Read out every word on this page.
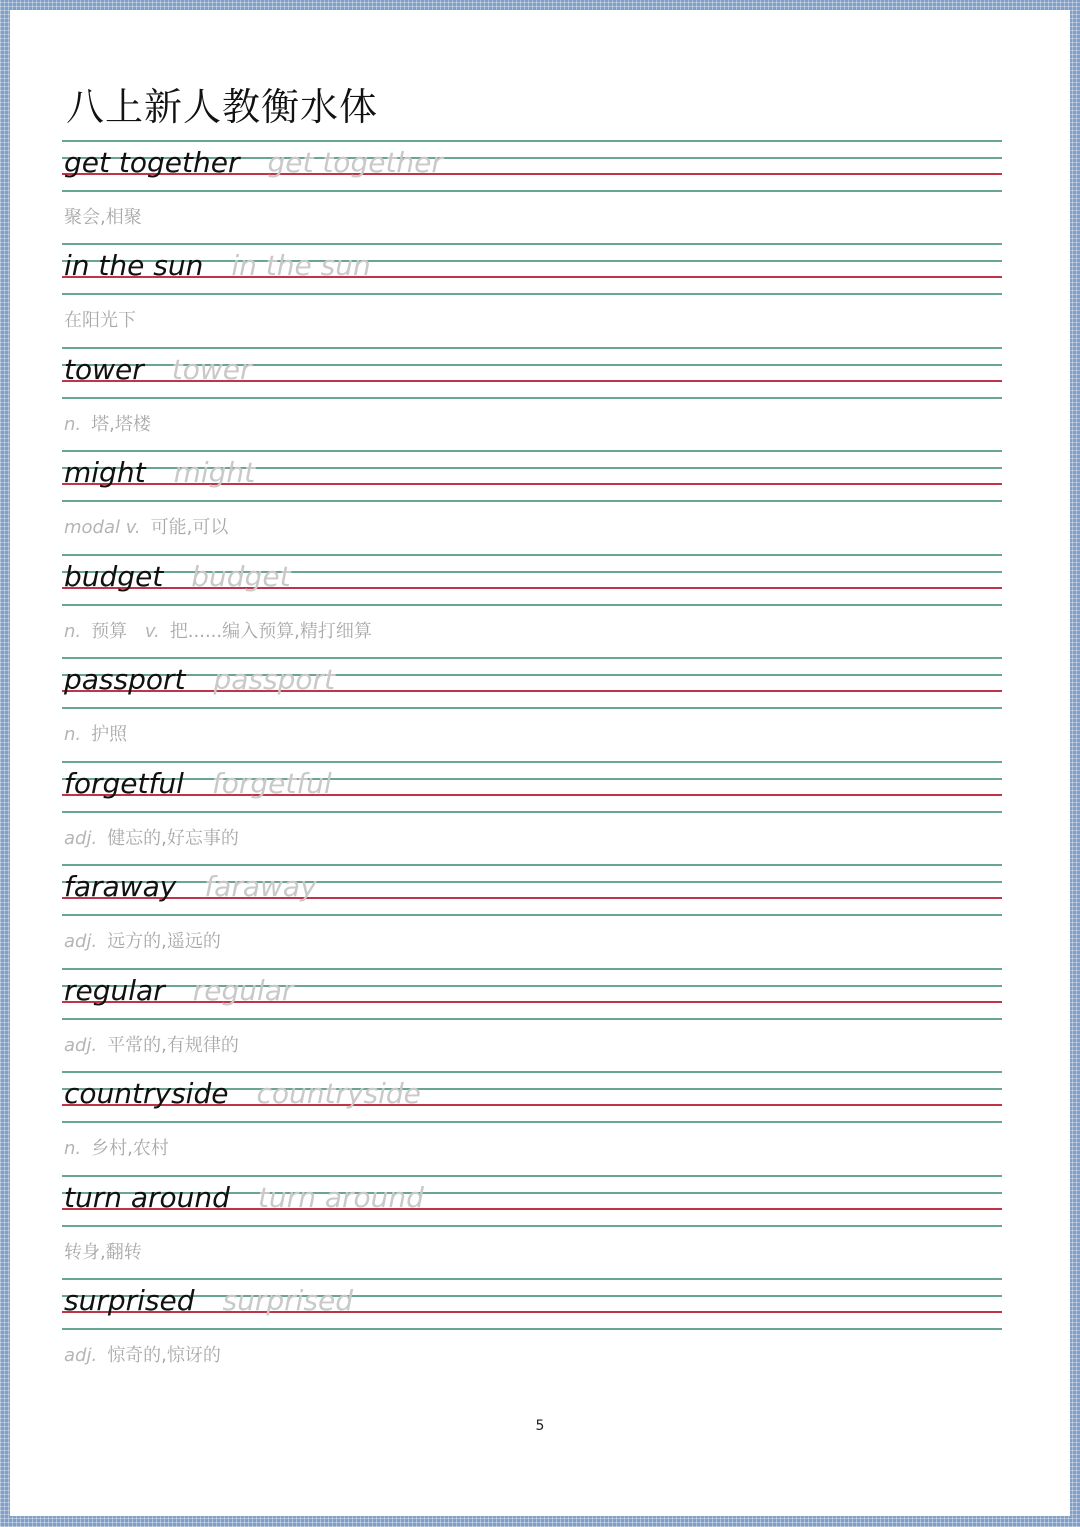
八上新人教衡水体
get together get together
聚会,相聚
in the sun in the sun
在阳光下
tower tower
n. 塔,塔楼
might might
modal v. 可能,可以
budget budget
n. 预算 v. 把......编入预算,精打细算
passport passport
n. 护照
forgetful forgetful
adj. 健忘的,好忘事的
faraway faraway
adj. 远方的,遥远的
regular regular
adj. 平常的,有规律的
countryside countryside
n. 乡村,农村
turn around turn around
转身,翻转
surprised surprised
adj. 惊奇的,惊讶的
5
